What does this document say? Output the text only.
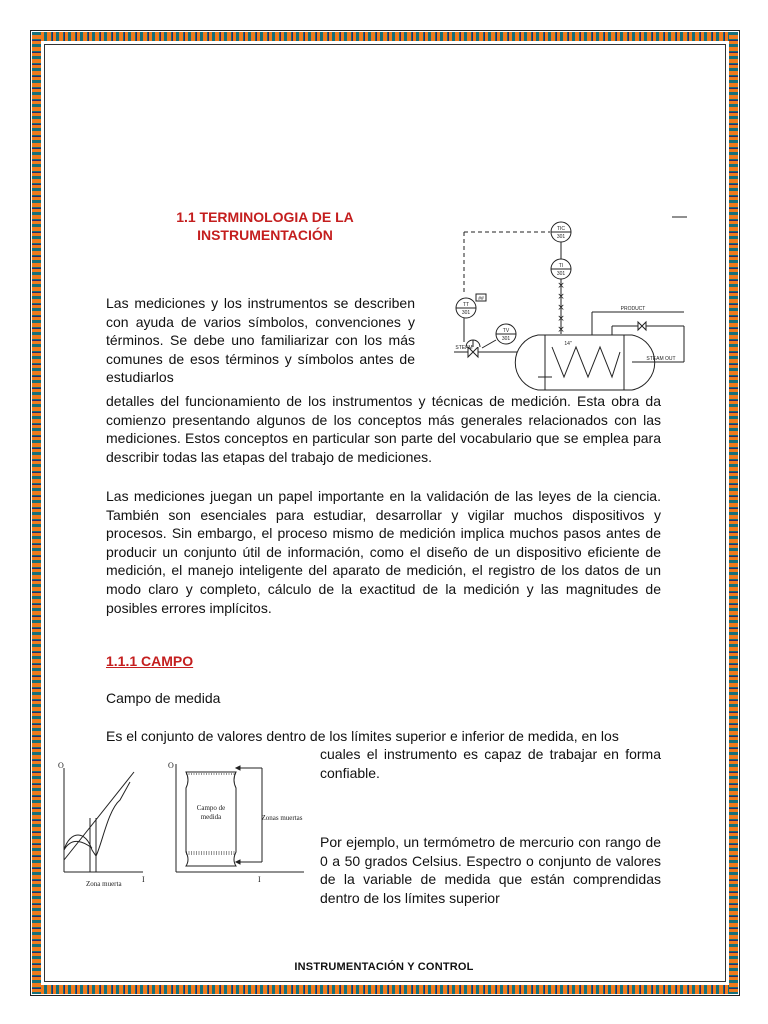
1.1 TERMINOLOGIA DE LA
INSTRUMENTACIÓN	TIC
301
TI
301
TT
301
TV
301
##
STEAM
PRODUCT
STEAM OUT
14"
×
×
×
×
×

Las mediciones y los instrumentos se describen con ayuda de varios símbolos, convenciones y términos. Se debe uno familiarizar con los más comunes de esos términos y símbolos antes de estudiarlos

detalles del funcionamiento de los instrumentos y técnicas de medición. Esta obra da comienzo presentando algunos de los conceptos más generales relacionados con las mediciones. Estos conceptos en particular son parte del vocabulario que se emplea para describir todas las etapas del trabajo de mediciones.

Las mediciones juegan un papel importante en la validación de las leyes de la ciencia. También son esenciales para estudiar, desarrollar y vigilar muchos dispositivos y procesos. Sin embargo, el proceso mismo de medición implica muchos pasos antes de producir un conjunto útil de información, como el diseño de un dispositivo eficiente de medición, el manejo inteligente del aparato de medición, el registro de los datos de un modo claro y completo, cálculo de la exactitud de la medición y las magnitudes de posibles errores implícitos.

1.1.1 CAMPO
Campo de medida

Es el conjunto de valores dentro de los límites superior e inferior de medida, en los

cuales el instrumento es capaz de trabajar en forma confiable.

Por ejemplo, un termómetro de mercurio con rango de 0 a 50 grados Celsius. Espectro o conjunto de valores de la variable de medida que están comprendidas dentro de los límites superior

O
I
Zona muerta
O
I
Campo de
medida	Zonas muertas
INSTRUMENTACIÓN Y CONTROL
